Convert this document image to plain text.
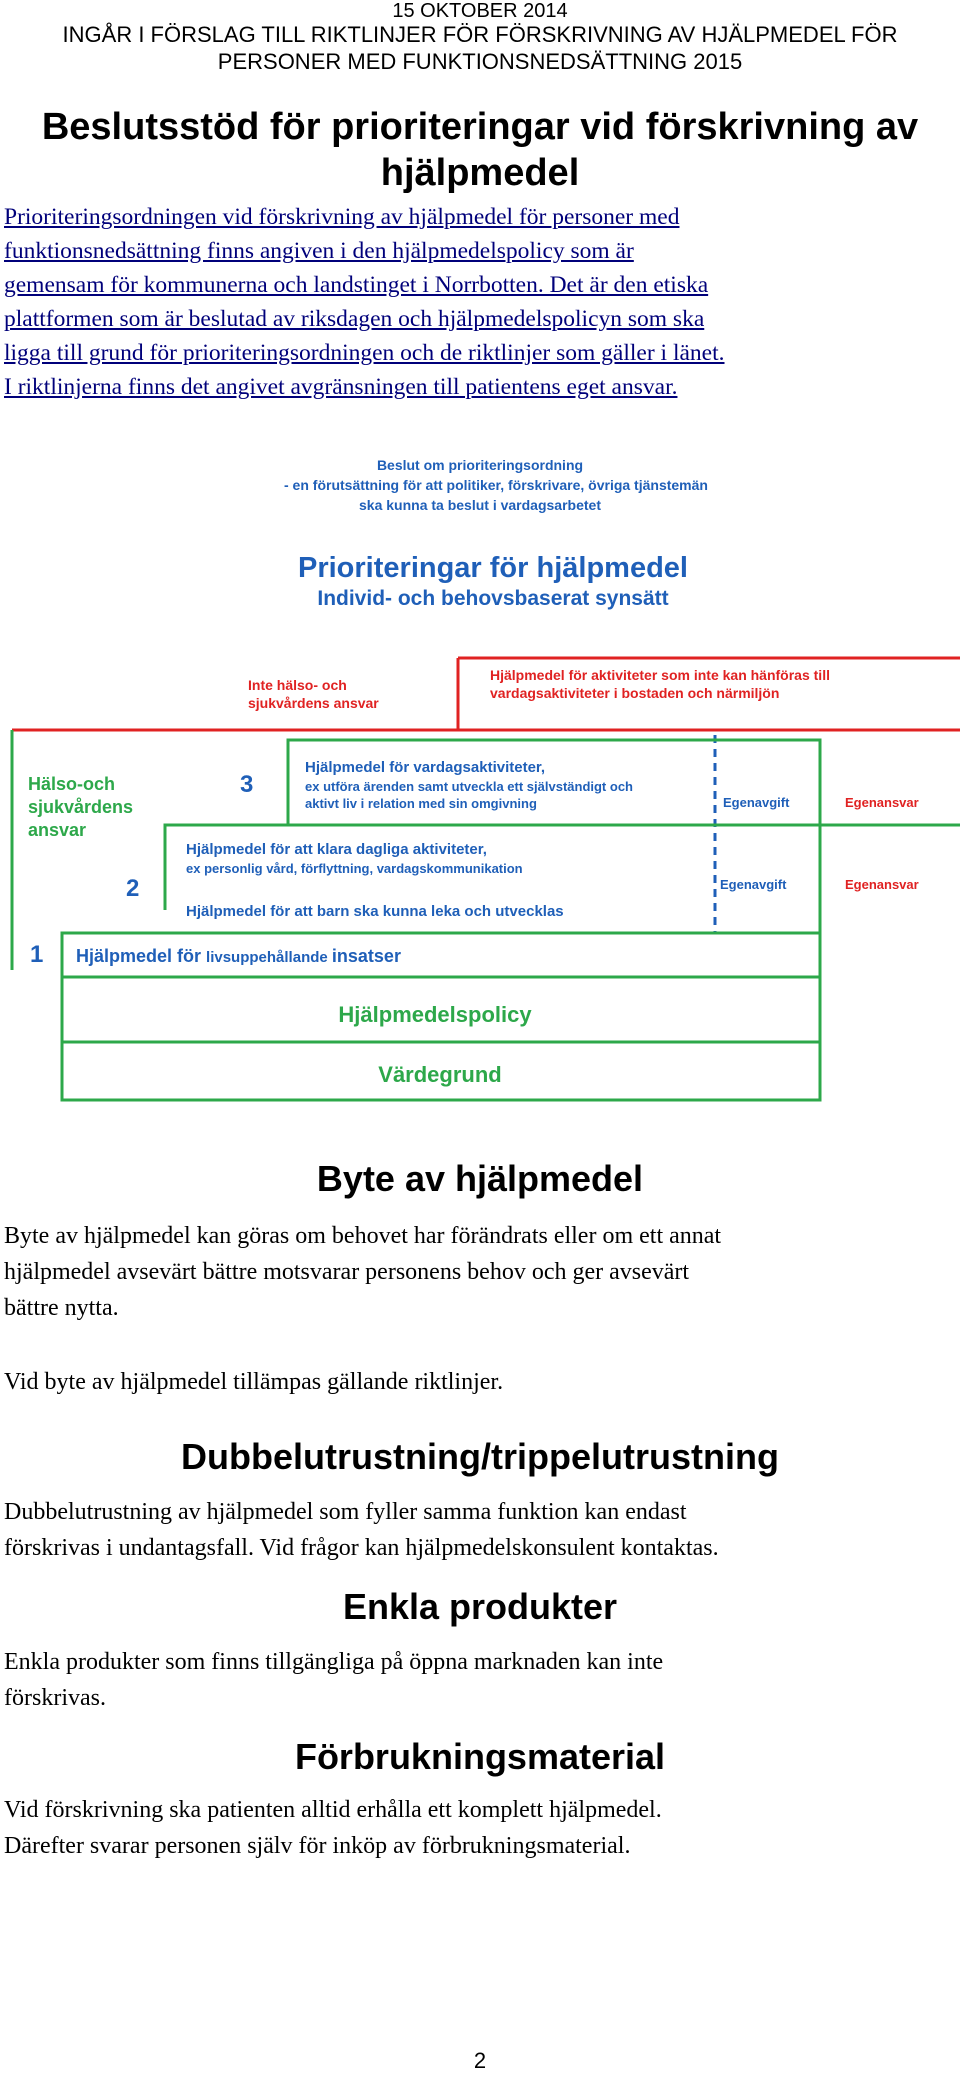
15 OKTOBER 2014
INGÅR I FÖRSLAG TILL RIKTLINJER FÖR FÖRSKRIVNING AV HJÄLPMEDEL FÖR
PERSONER MED FUNKTIONSNEDSÄTTNING 2015
Beslutsstöd för prioriteringar vid förskrivning av
hjälpmedel
Prioriteringsordningen vid förskrivning av hjälpmedel för personer med
funktionsnedsättning finns angiven i den hjälpmedelspolicy som är
gemensam för kommunerna och landstinget i Norrbotten. Det är den etiska
plattformen som är beslutad av riksdagen och hjälpmedelspolicyn som ska
ligga till grund för prioriteringsordningen och de riktlinjer som gäller i länet.
I riktlinjerna finns det angivet avgränsningen till patientens eget ansvar.
Beslut om prioriteringsordning
- en förutsättning för att politiker, förskrivare, övriga tjänstemän
ska kunna ta beslut i vardagsarbetet
Prioriteringar för hjälpmedel
Individ- och behovsbaserat synsätt
Inte hälso- och
sjukvårdens ansvar
Hjälpmedel för aktiviteter som inte kan hänföras till
vardagsaktiviteter i bostaden och närmiljön
Hälso-och
sjukvårdens
ansvar
3
Hjälpmedel för vardagsaktiviteter,
ex utföra ärenden samt utveckla ett självständigt och
aktivt liv i relation med sin omgivning	Egenavgift	Egenansvar
2
Hjälpmedel för att klara dagliga aktiviteter,
ex personlig vård, förflyttning, vardagskommunikation
Hjälpmedel för att barn ska kunna leka och utvecklas
Egenavgift	Egenansvar
1 Hjälpmedel för livsuppehållande insatser
Hjälpmedelspolicy
Värdegrund
Byte av hjälpmedel
Byte av hjälpmedel kan göras om behovet har förändrats eller om ett annat
hjälpmedel avsevärt bättre motsvarar personens behov och ger avsevärt
bättre nytta.
Vid byte av hjälpmedel tillämpas gällande riktlinjer.
Dubbelutrustning/trippelutrustning
Dubbelutrustning av hjälpmedel som fyller samma funktion kan endast
förskrivas i undantagsfall. Vid frågor kan hjälpmedelskonsulent kontaktas.
Enkla produkter
Enkla produkter som finns tillgängliga på öppna marknaden kan inte
förskrivas.
Förbrukningsmaterial
Vid förskrivning ska patienten alltid erhålla ett komplett hjälpmedel.
Därefter svarar personen själv för inköp av förbrukningsmaterial.
2
